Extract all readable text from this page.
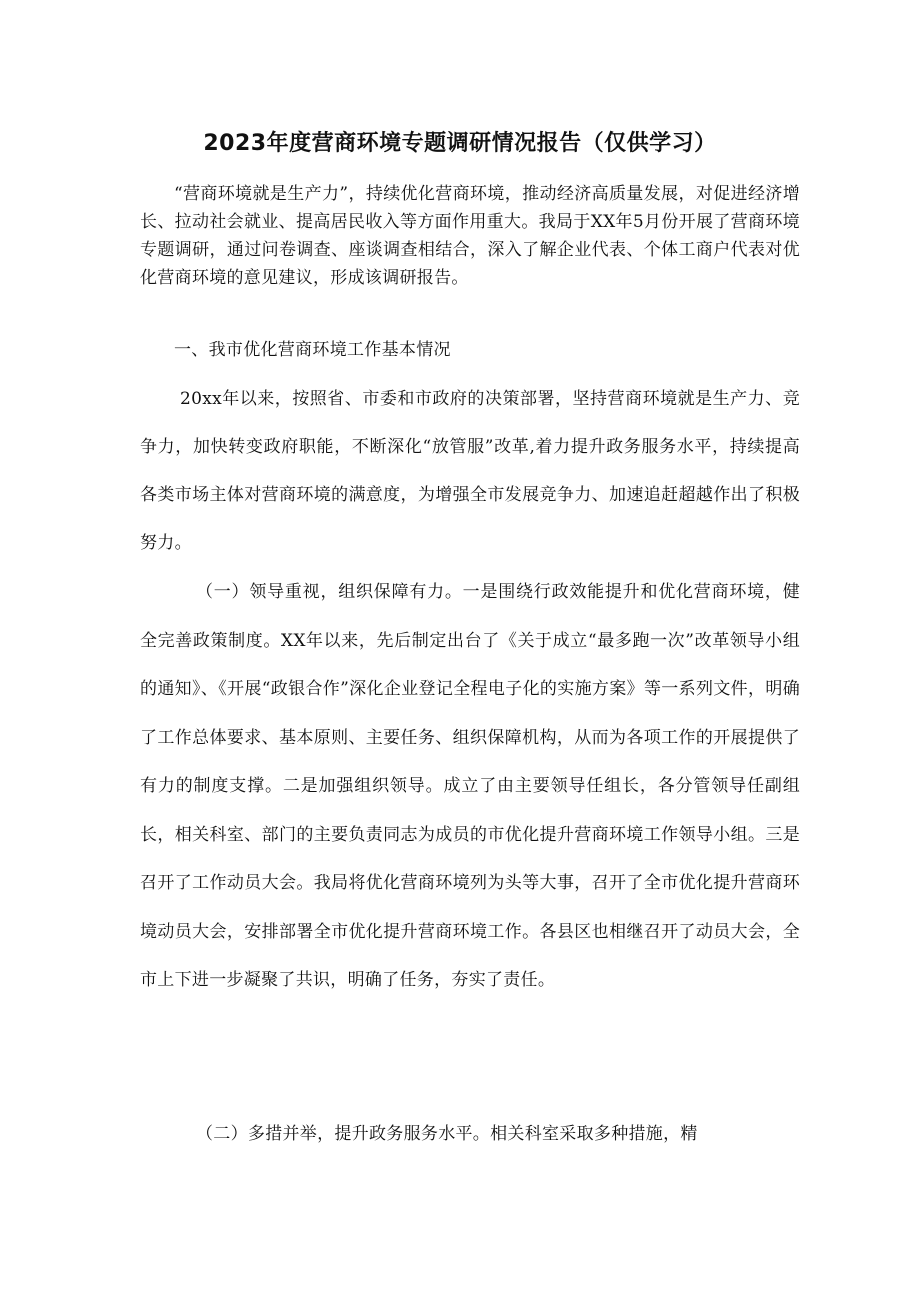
2023年度营商环境专题调研情况报告（仅供学习）

“营商环境就是生产力”，持续优化营商环境，推动经济高质量发展，对促进经济增长、拉动社会就业、提高居民收入等方面作用重大。我局于XX年5月份开展了营商环境专题调研，通过问卷调查、座谈调查相结合，深入了解企业代表、个体工商户代表对优化营商环境的意见建议，形成该调研报告。

一、我市优化营商环境工作基本情况

20xx年以来，按照省、市委和市政府的决策部署，坚持营商环境就是生产力、竞争力，加快转变政府职能，不断深化“放管服”改革,着力提升政务服务水平，持续提高各类市场主体对营商环境的满意度，为增强全市发展竞争力、加速追赶超越作出了积极努力。

（一）领导重视，组织保障有力。一是围绕行政效能提升和优化营商环境，健全完善政策制度。XX年以来，先后制定出台了《关于成立“最多跑一次”改革领导小组的通知》、《开展“政银合作”深化企业登记全程电子化的实施方案》等一系列文件，明确了工作总体要求、基本原则、主要任务、组织保障机构，从而为各项工作的开展提供了有力的制度支撑。二是加强组织领导。成立了由主要领导任组长，各分管领导任副组长，相关科室、部门的主要负责同志为成员的市优化提升营商环境工作领导小组。三是召开了工作动员大会。我局将优化营商环境列为头等大事，召开了全市优化提升营商环境动员大会，安排部署全市优化提升营商环境工作。各县区也相继召开了动员大会，全市上下进一步凝聚了共识，明确了任务，夯实了责任。

（二）多措并举，提升政务服务水平。相关科室采取多种措施，精
